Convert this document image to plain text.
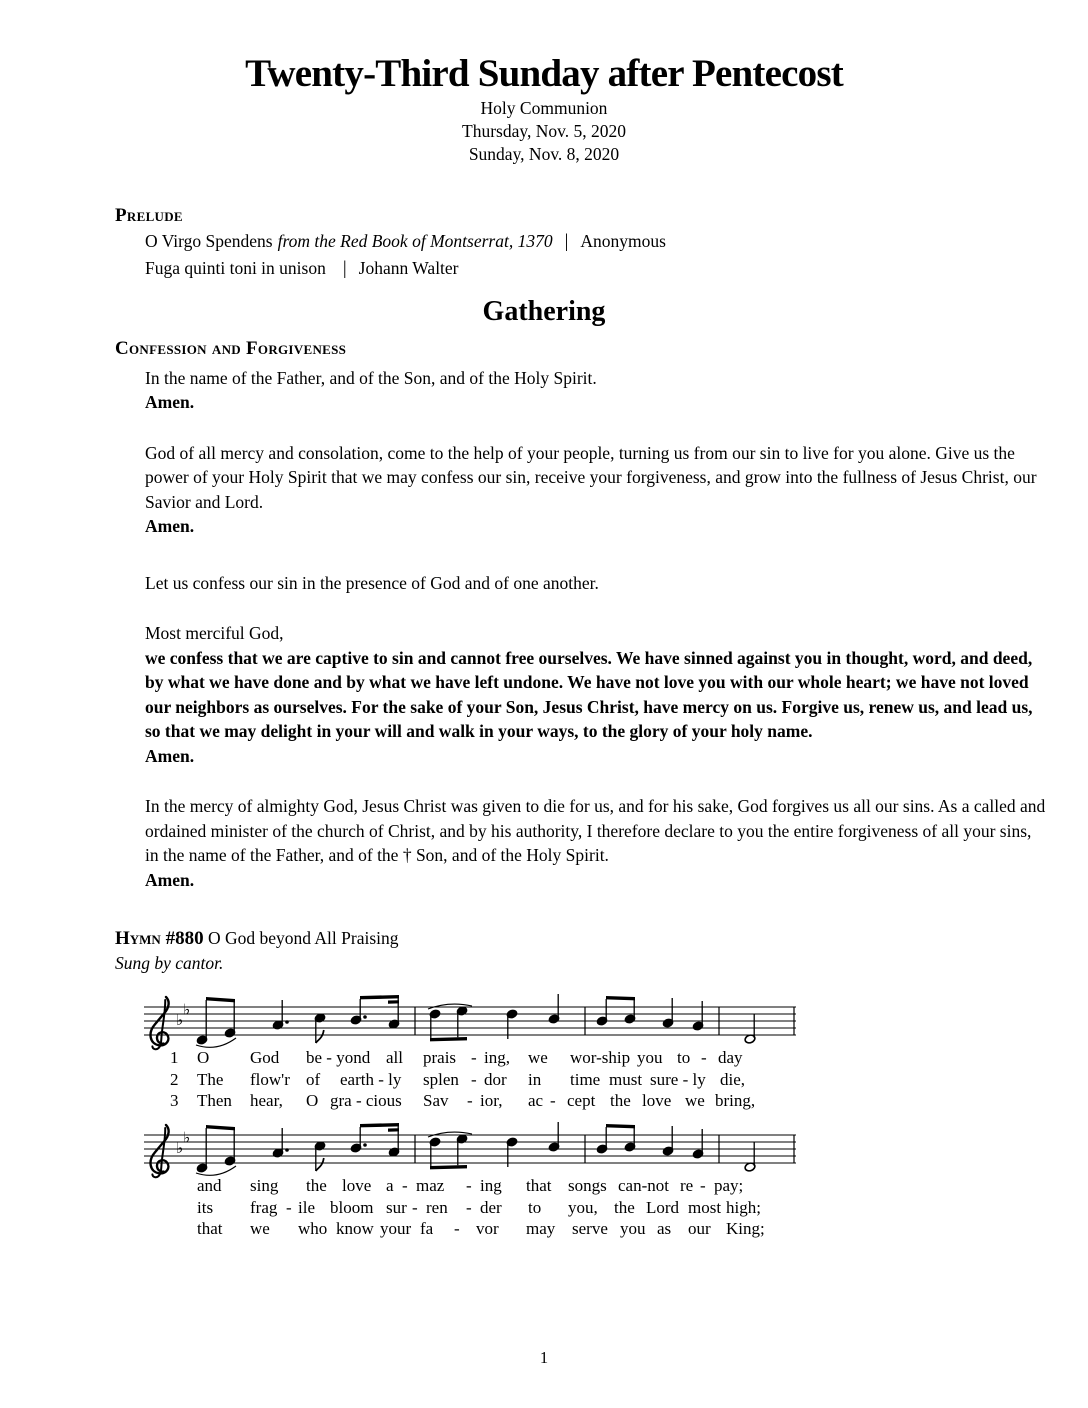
Twenty-Third Sunday after Pentecost
Holy Communion
Thursday, Nov. 5, 2020
Sunday, Nov. 8, 2020
Prelude

O Virgo Spendens from the Red Book of Montserrat, 1370 | Anonymous

Fuga quinti toni in unison | Johann Walter

Gathering
Confession and Forgiveness

In the name of the Father, and of the Son, and of the Holy Spirit.

Amen.

God of all mercy and consolation, come to the help of your people, turning us from our sin to live for you alone. Give us the power of your Holy Spirit that we may confess our sin, receive your forgiveness, and grow into the fullness of Jesus Christ, our Savior and Lord.

Amen.

Let us confess our sin in the presence of God and of one another.

Most merciful God,

we confess that we are captive to sin and cannot free ourselves. We have sinned against you in thought, word, and deed, by what we have done and by what we have left undone. We have not love you with our whole heart; we have not loved our neighbors as ourselves. For the sake of your Son, Jesus Christ, have mercy on us. Forgive us, renew us, and lead us, so that we may delight in your will and walk in your ways, to the glory of your holy name.

Amen.

In the mercy of almighty God, Jesus Christ was given to die for us, and for his sake, God forgives us all our sins. As a called and ordained minister of the church of Christ, and by his authority, I therefore declare to you the entire forgiveness of all your sins, in the name of the Father, and of the † Son, and of the Holy Spirit.

Amen.

Hymn #880 O God beyond All Praising
Sung by cantor.
♭
♭
1 O God be - yond all prais - ing, we wor-ship you to - day
2 The flow'r of earth - ly splen - dor in time must sure - ly die,
3 Then hear, O gra - cious Sav - ior, ac - cept the love we bring,
♭
♭
and sing the love a - maz - ing that songs can-not re - pay;
its frag - ile bloom sur - ren - der to you, the Lord most high;
that we who know your fa - vor may serve you as our King;
1
